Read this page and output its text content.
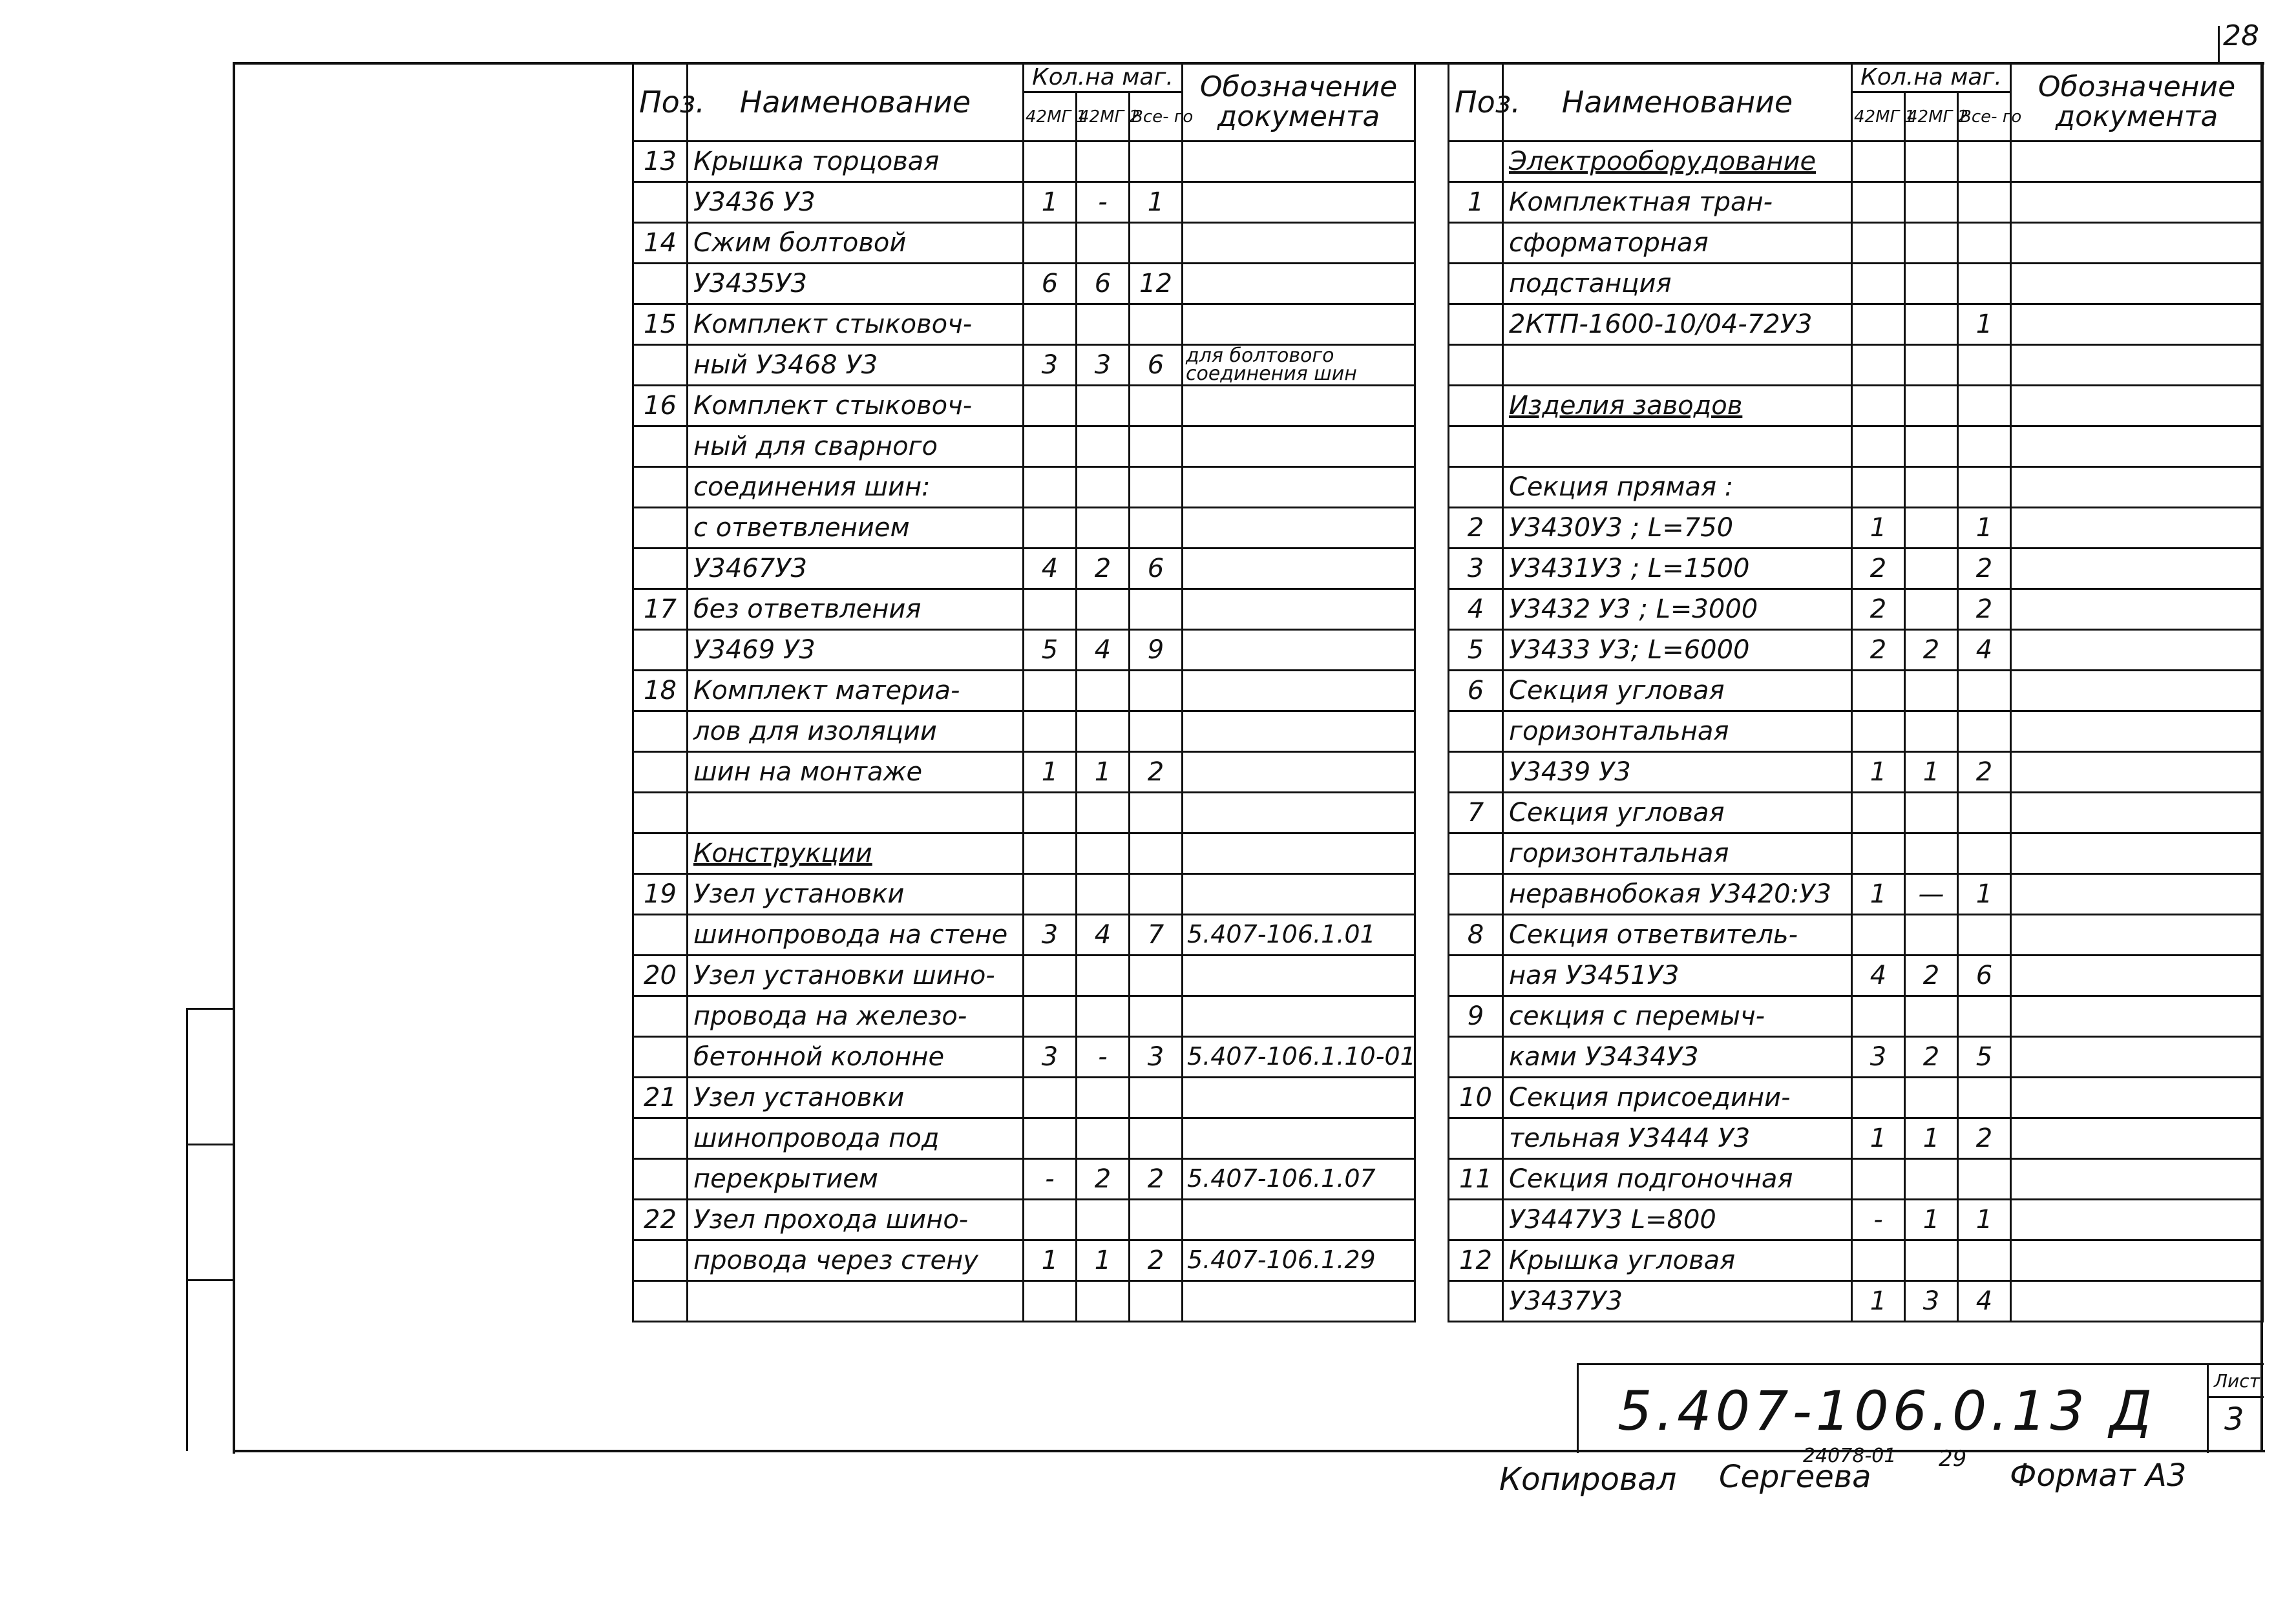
28
Поз.	Наименование	Кол.на маг.			Обозначение документа
		42МГ 1	42МГ 2	Все- го	
13	Крышка торцовая				
	У3436 У3	1	-	1	
14	Сжим болтовой				
	У3435У3	6	6	12	
15	Комплект стыковоч-				
	ный У3468 У3	3	3	6	для болтового соединения шин
16	Комплект стыковоч-				
	ный для сварного				
	соединения шин:				
	с ответвлением				
	У3467У3	4	2	6	
17	без ответвления				
	У3469 У3	5	4	9	
18	Комплект материа-				
	лов для изоляции				
	шин на монтаже	1	1	2	

	Конструкции				
19	Узел установки				
	шинопровода на стене	3	4	7	5.407-106.1.01
20	Узел установки шино-				
	провода на железо-				
	бетонной колонне	3	-	3	5.407-106.1.10-01
21	Узел установки				
	шинопровода под				
	перекрытием	-	2	2	5.407-106.1.07
22	Узел прохода шино-				
	провода через стену	1	1	2	5.407-106.1.29

Поз.	Наименование	Кол.на маг.			Обозначение документа
		42МГ 1	42МГ 2	Все- го	
	Электрооборудование				
1	Комплектная тран-				
	сформаторная				
	подстанция				
	2КТП-1600-10/04-72У3			1	

	Изделия заводов				

	Секция прямая :				
2	У3430У3 ; L=750	1		1	
3	У3431У3 ; L=1500	2		2	
4	У3432 У3 ; L=3000	2		2	
5	У3433 У3; L=6000	2	2	4	
6	Секция угловая				
	горизонтальная				
	У3439 У3	1	1	2	
7	Секция угловая				
	горизонтальная				
	неравнобокая У3420:У3	1	—	1	
8	Секция ответвитель-				
	ная У3451У3	4	2	6	
9	секция с перемыч-				
	ками У3434У3	3	2	5	
10	Секция присоедини-				
	тельная У3444 У3	1	1	2	
11	Секция подгоночная				
	У3447У3 L=800	-	1	1	
12	Крышка угловая				
	У3437У3	1	3	4	
5.407-106.0.13 Д	Лист
3
Копировал Сергеева
24078-01 29 Формат А3
